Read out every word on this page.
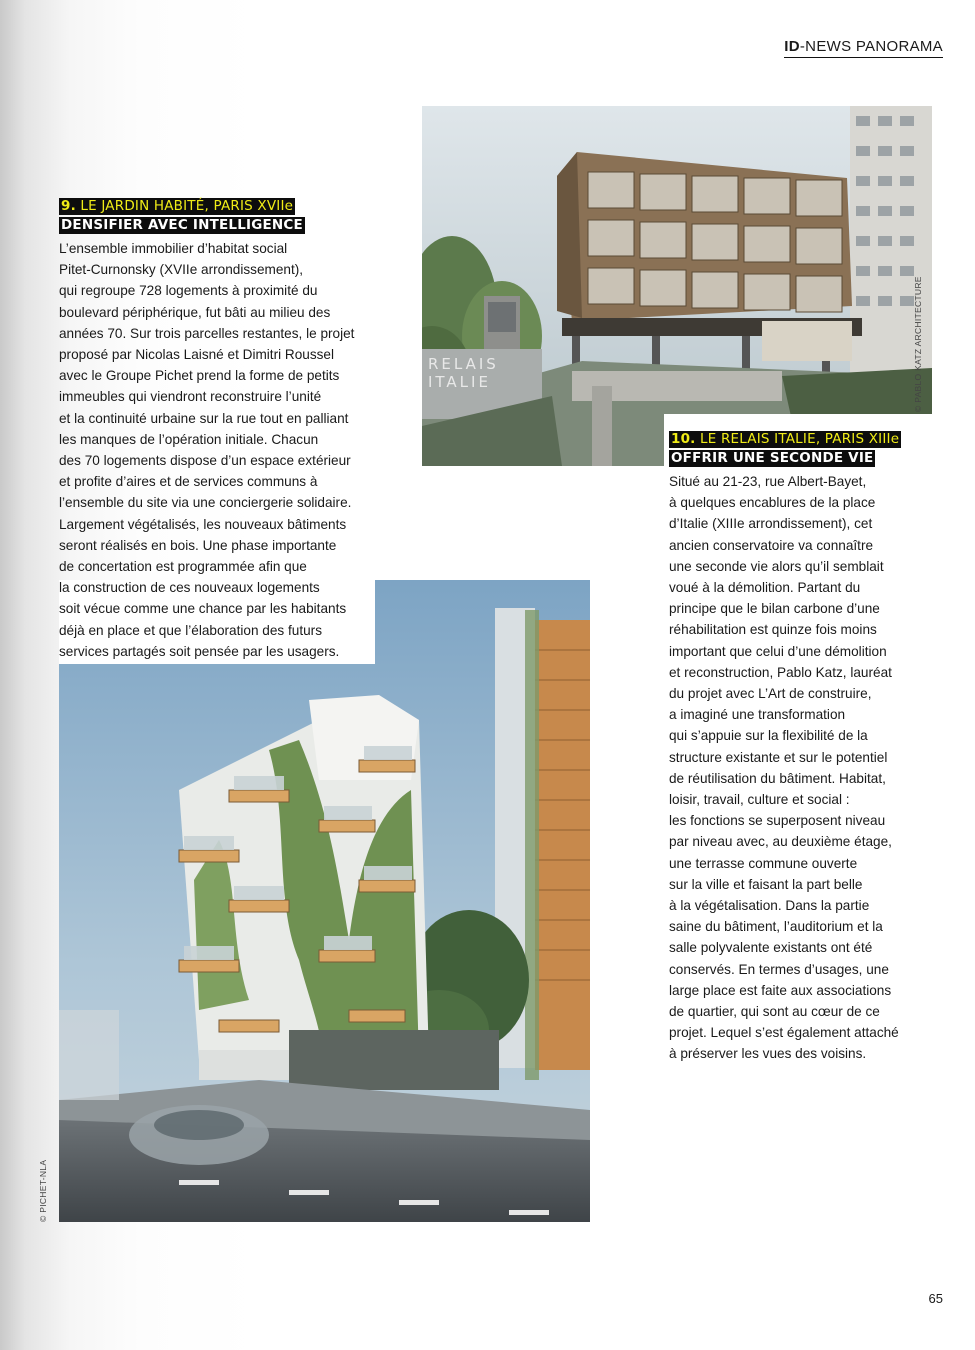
ID-NEWS PANORAMA
RELAIS
ITALIE	© PABLO KATZ ARCHITECTURE
© PICHET-NLA
9. LE JARDIN HABITÉ, PARIS XVIIe
DENSIFIER AVEC INTELLIGENCE
L’ensemble immobilier d’habitat social
Pitet-Curnonsky (XVIIe arrondissement),
qui regroupe 728 logements à proximité du
boulevard périphérique, fut bâti au milieu des
années 70. Sur trois parcelles restantes, le projet
proposé par Nicolas Laisné et Dimitri Roussel
avec le Groupe Pichet prend la forme de petits
immeubles qui viendront reconstruire l’unité
et la continuité urbaine sur la rue tout en palliant
les manques de l’opération initiale. Chacun
des 70 logements dispose d’un espace extérieur
et profite d’aires et de services communs à
l’ensemble du site via une conciergerie solidaire.
Largement végétalisés, les nouveaux bâtiments
seront réalisés en bois. Une phase importante
de concertation est programmée afin que
la construction de ces nouveaux logements
soit vécue comme une chance par les habitants
déjà en place et que l’élaboration des futurs
services partagés soit pensée par les usagers.
10. LE RELAIS ITALIE, PARIS XIIIe
OFFRIR UNE SECONDE VIE
Situé au 21-23, rue Albert-Bayet,
à quelques encablures de la place
d’Italie (XIIIe arrondissement), cet
ancien conservatoire va connaître
une seconde vie alors qu’il semblait
voué à la démolition. Partant du
principe que le bilan carbone d’une
réhabilitation est quinze fois moins
important que celui d’une démolition
et reconstruction, Pablo Katz, lauréat
du projet avec L’Art de construire,
a imaginé une transformation
qui s’appuie sur la flexibilité de la
structure existante et sur le potentiel
de réutilisation du bâtiment. Habitat,
loisir, travail, culture et social :
les fonctions se superposent niveau
par niveau avec, au deuxième étage,
une terrasse commune ouverte
sur la ville et faisant la part belle
à la végétalisation. Dans la partie
saine du bâtiment, l’auditorium et la
salle polyvalente existants ont été
conservés. En termes d’usages, une
large place est faite aux associations
de quartier, qui sont au cœur de ce
projet. Lequel s’est également attaché
à préserver les vues des voisins.
65
